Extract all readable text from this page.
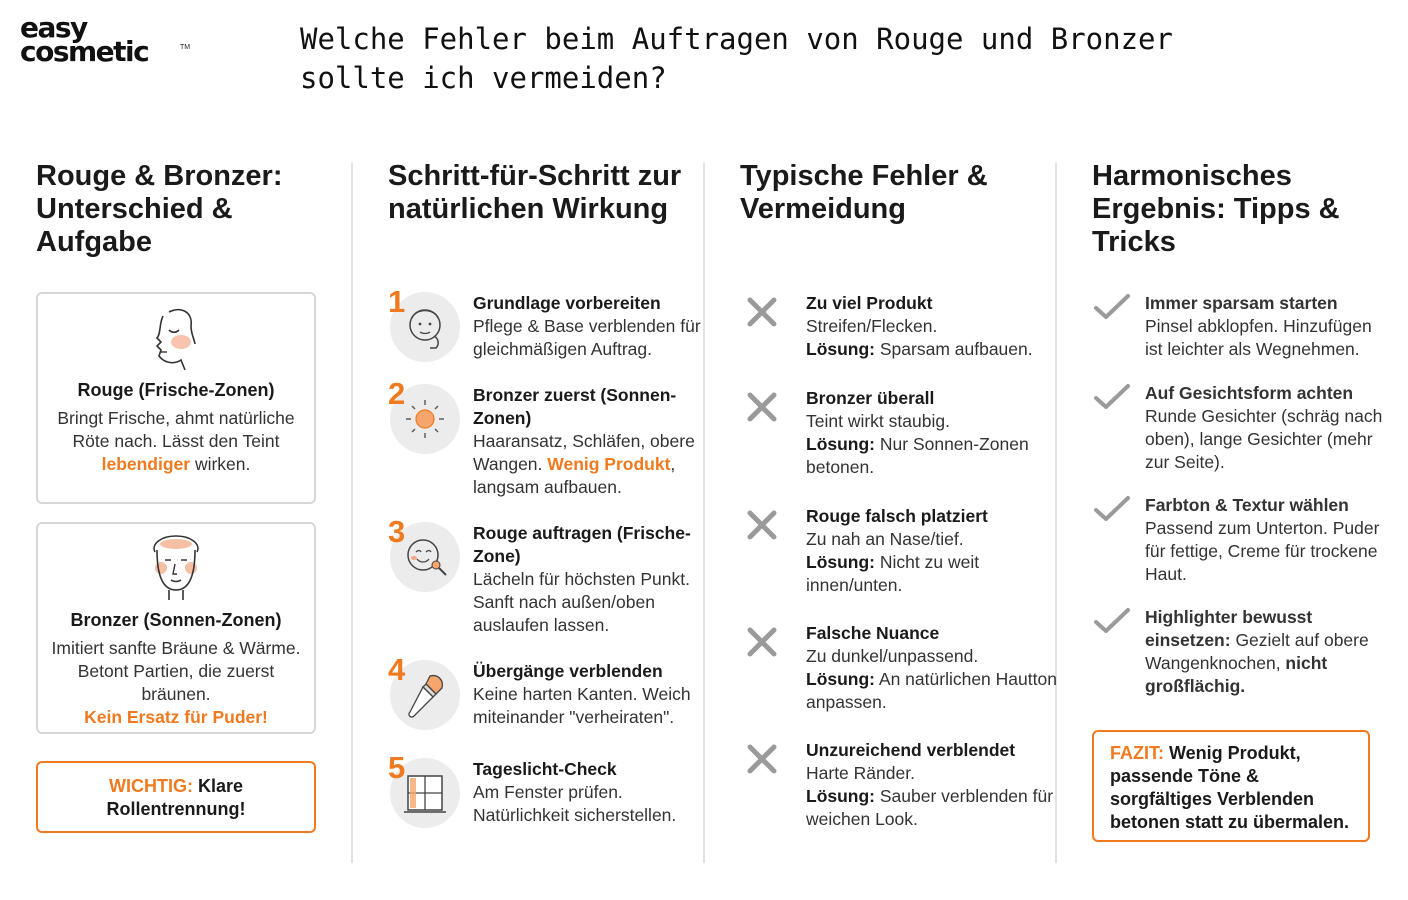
easy
cosmetic	TM	Welche Fehler beim Auftragen von Rouge und Bronzer sollte ich vermeiden?
Rouge & Bronzer: Unterschied & Aufgabe
Rouge (Frische-Zonen)
Bringt Frische, ahmt natürliche Röte nach. Lässt den Teint lebendiger wirken.
Bronzer (Sonnen-Zonen)
Imitiert sanfte Bräune & Wärme. Betont Partien, die zuerst bräunen.
Kein Ersatz für Puder!
WICHTIG: Klare Rollentrennung!
Schritt-für-Schritt zur natürlichen Wirkung
1	Grundlage vorbereiten
Pflege & Base verblenden für gleichmäßigen Auftrag.
2	Bronzer zuerst (Sonnen-Zonen)
Haaransatz, Schläfen, obere Wangen. Wenig Produkt, langsam aufbauen.
3	Rouge auftragen (Frische-Zone)
Lächeln für höchsten Punkt. Sanft nach außen/oben auslaufen lassen.
4	Übergänge verblenden
Keine harten Kanten. Weich miteinander "verheiraten".
5	Tageslicht-Check
Am Fenster prüfen. Natürlichkeit sicherstellen.
Typische Fehler & Vermeidung
Zu viel Produkt
Streifen/Flecken.
Lösung: Sparsam aufbauen.
Bronzer überall
Teint wirkt staubig.
Lösung: Nur Sonnen-Zonen betonen.
Rouge falsch platziert
Zu nah an Nase/tief.
Lösung: Nicht zu weit innen/unten.
Falsche Nuance
Zu dunkel/unpassend.
Lösung: An natürlichen Hautton anpassen.
Unzureichend verblendet
Harte Ränder.
Lösung: Sauber verblenden für weichen Look.
Harmonisches Ergebnis: Tipps & Tricks
Immer sparsam starten
Pinsel abklopfen. Hinzufügen ist leichter als Wegnehmen.
Auf Gesichtsform achten
Runde Gesichter (schräg nach oben), lange Gesichter (mehr zur Seite).
Farbton & Textur wählen
Passend zum Unterton. Puder für fettige, Creme für trockene Haut.
Highlighter bewusst einsetzen: Gezielt auf obere Wangenknochen, nicht großflächig.
FAZIT: Wenig Produkt, passende Töne & sorgfältiges Verblenden betonen statt zu übermalen.
